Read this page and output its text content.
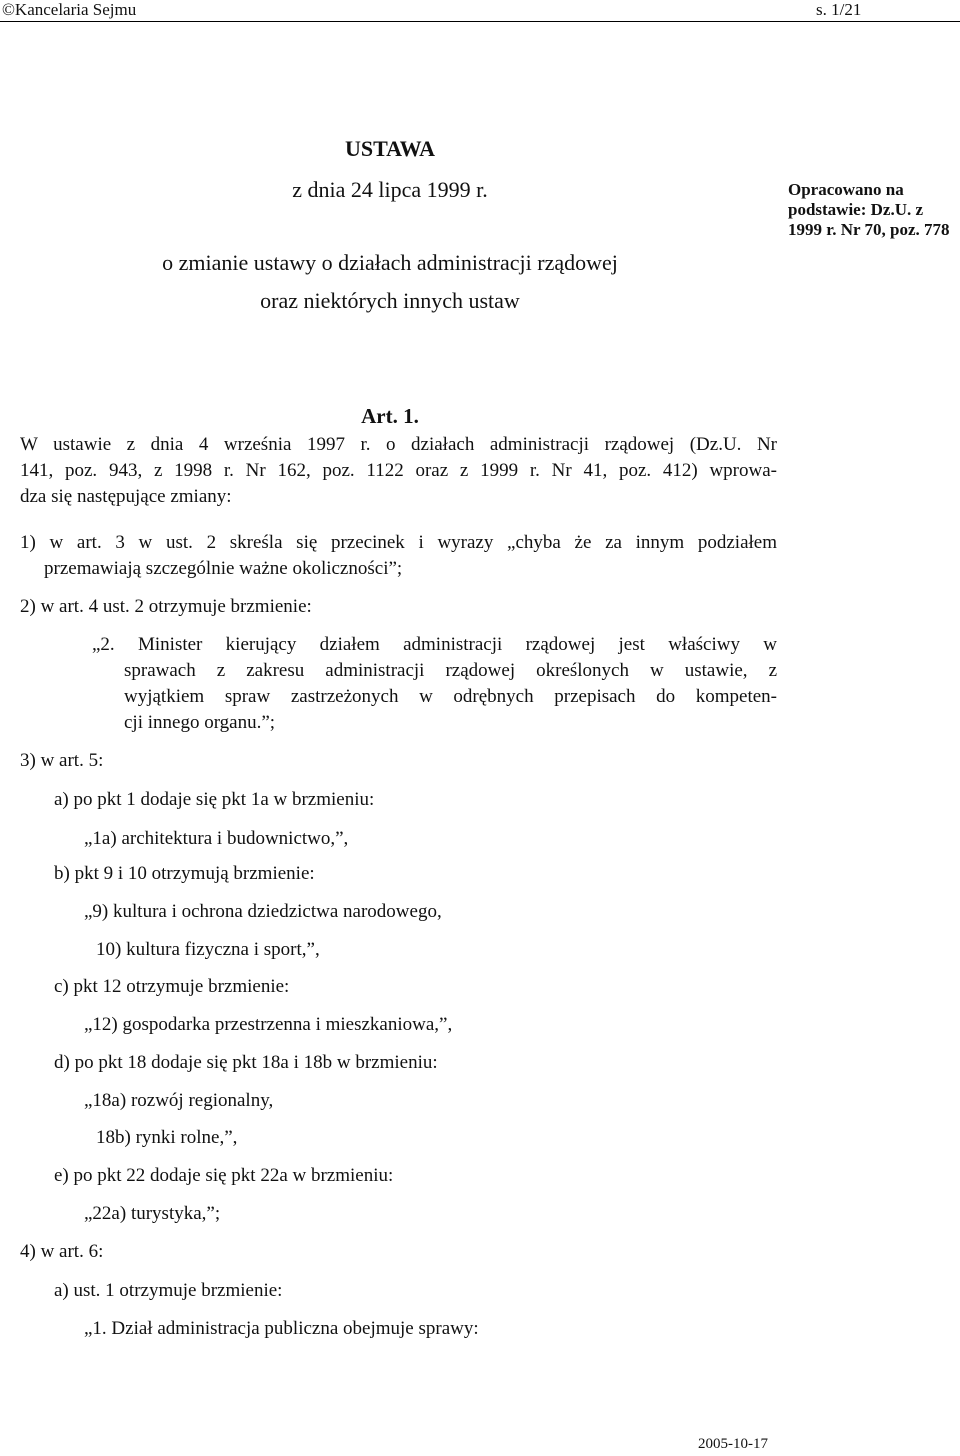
©Kancelaria Sejmu	s. 1/21
USTAWA
z dnia 24 lipca 1999 r.
o zmianie ustawy o działach administracji rządowej
oraz niektórych innych ustaw
Opracowano na podstawie: Dz.U. z 1999 r. Nr 70, poz. 778
Art. 1.
W ustawie z dnia 4 września 1997 r. o działach administracji rządowej (Dz.U. Nr
141, poz. 943, z 1998 r. Nr 162, poz. 1122 oraz z 1999 r. Nr 41, poz. 412) wprowa-
dza się następujące zmiany:
1) w art. 3 w ust. 2 skreśla się przecinek i wyrazy „chyba że za innym podziałem
przemawiają szczególnie ważne okoliczności”;
2) w art. 4 ust. 2 otrzymuje brzmienie:
„2. Minister kierujący działem administracji rządowej jest właściwy w
sprawach z zakresu administracji rządowej określonych w ustawie, z
wyjątkiem spraw zastrzeżonych w odrębnych przepisach do kompeten-
cji innego organu.”;
3) w art. 5:
a) po pkt 1 dodaje się pkt 1a w brzmieniu:
„1a) architektura i budownictwo,”,
b) pkt 9 i 10 otrzymują brzmienie:
„9) kultura i ochrona dziedzictwa narodowego,
10) kultura fizyczna i sport,”,
c) pkt 12 otrzymuje brzmienie:
„12) gospodarka przestrzenna i mieszkaniowa,”,
d) po pkt 18 dodaje się pkt 18a i 18b w brzmieniu:
„18a) rozwój regionalny,
18b) rynki rolne,”,
e) po pkt 22 dodaje się pkt 22a w brzmieniu:
„22a) turystyka,”;
4) w art. 6:
a) ust. 1 otrzymuje brzmienie:
„1. Dział administracja publiczna obejmuje sprawy:
2005-10-17
